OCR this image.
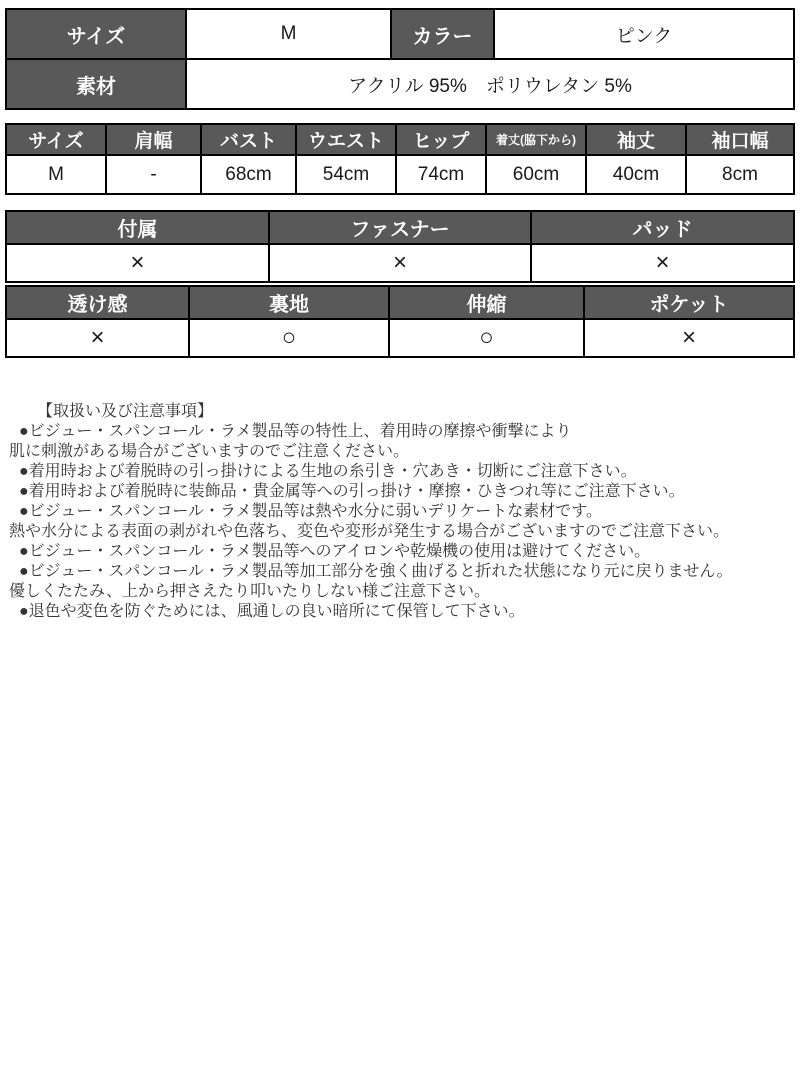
サイズ	M	カラー	ピンク
素材	アクリル 95%　ポリウレタン 5%		
サイズ	肩幅	バスト	ウエスト	ヒップ	着丈(脇下から)	袖丈	袖口幅
M	-	68cm	54cm	74cm	60cm	40cm	8cm
付属	ファスナー	パッド
×	×	×
透け感	裏地	伸縮	ポケット
×	○	○	×
【取扱い及び注意事項】
●ビジュー・スパンコール・ラメ製品等の特性上、着用時の摩擦や衝撃により
肌に刺激がある場合がございますのでご注意ください。
●着用時および着脱時の引っ掛けによる生地の糸引き・穴あき・切断にご注意下さい。
●着用時および着脱時に装飾品・貴金属等への引っ掛け・摩擦・ひきつれ等にご注意下さい。
●ビジュー・スパンコール・ラメ製品等は熱や水分に弱いデリケートな素材です。
熱や水分による表面の剥がれや色落ち、変色や変形が発生する場合がございますのでご注意下さい。
●ビジュー・スパンコール・ラメ製品等へのアイロンや乾燥機の使用は避けてください。
●ビジュー・スパンコール・ラメ製品等加工部分を強く曲げると折れた状態になり元に戻りません。
優しくたたみ、上から押さえたり叩いたりしない様ご注意下さい。
●退色や変色を防ぐためには、風通しの良い暗所にて保管して下さい。
